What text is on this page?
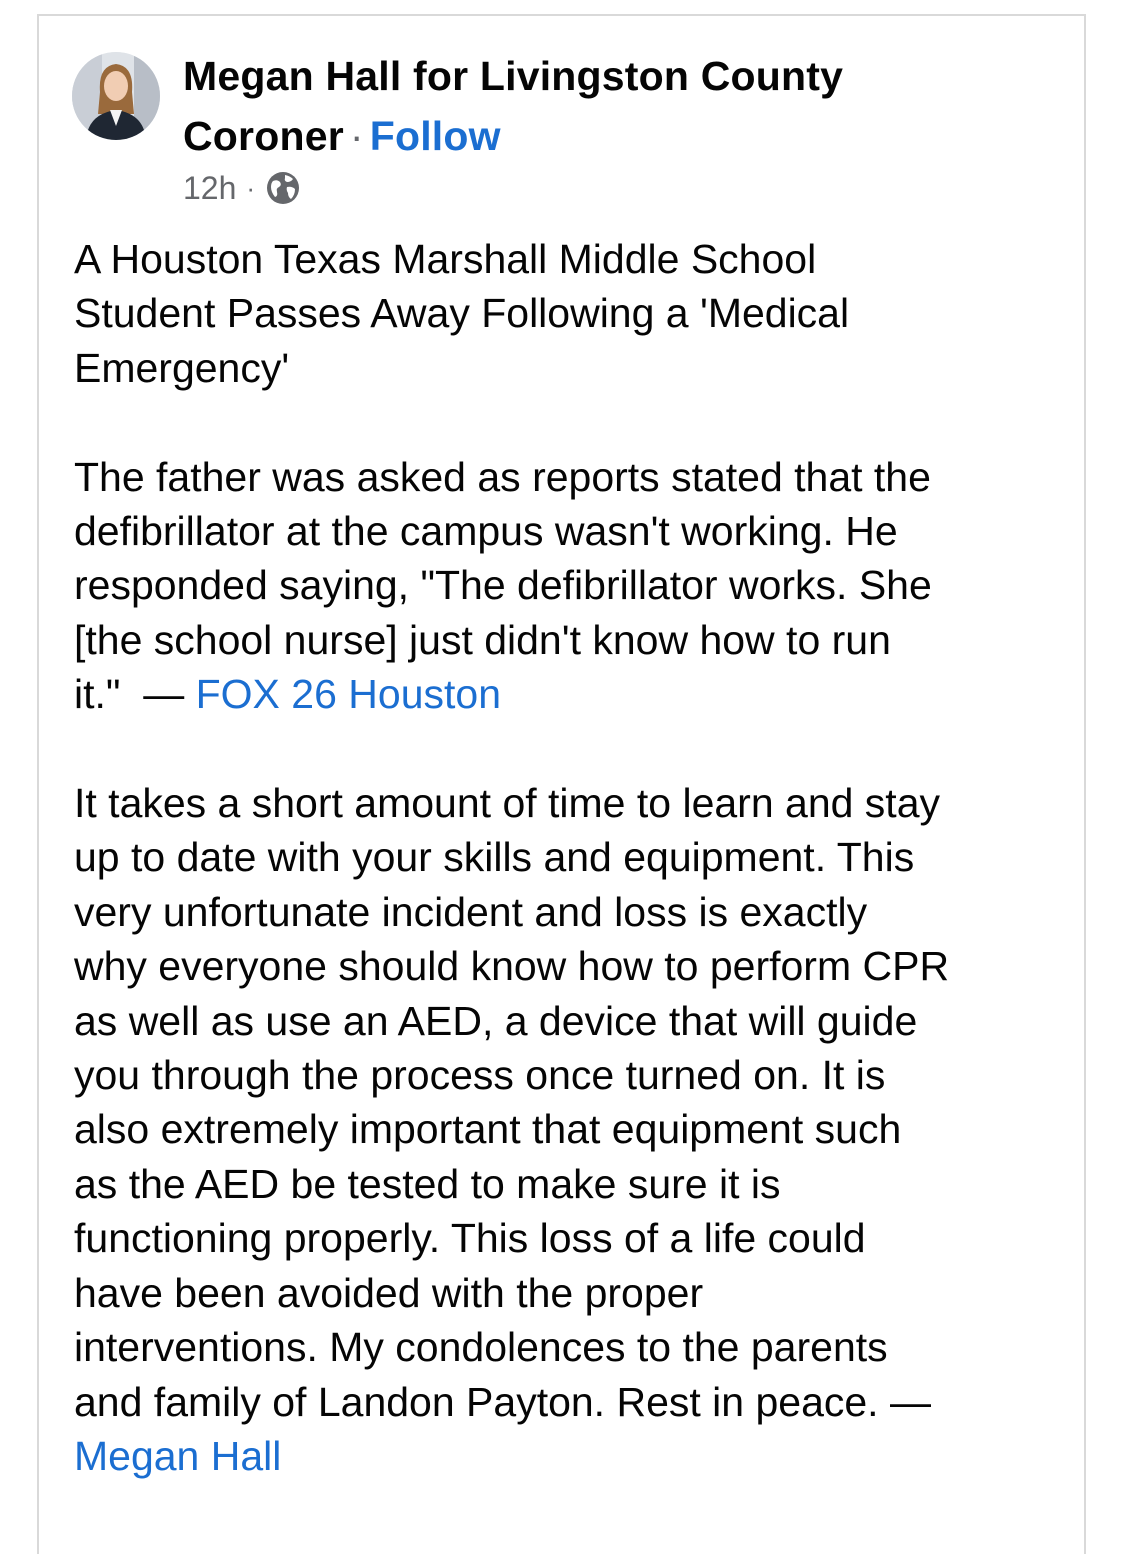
Megan Hall for Livingston County
Coroner · Follow
12h ·

A Houston Texas Marshall Middle School

Student Passes Away Following a 'Medical

Emergency'

The father was asked as reports stated that the

defibrillator at the campus wasn't working. He

responded saying, "The defibrillator works. She

[the school nurse] just didn't know how to run

it."  — FOX 26 Houston

It takes a short amount of time to learn and stay

up to date with your skills and equipment. This

very unfortunate incident and loss is exactly

why everyone should know how to perform CPR

as well as use an AED, a device that will guide

you through the process once turned on. It is

also extremely important that equipment such

as the AED be tested to make sure it is

functioning properly. This loss of a life could

have been avoided with the proper

interventions. My condolences to the parents

and family of Landon Payton. Rest in peace. —

Megan Hall
